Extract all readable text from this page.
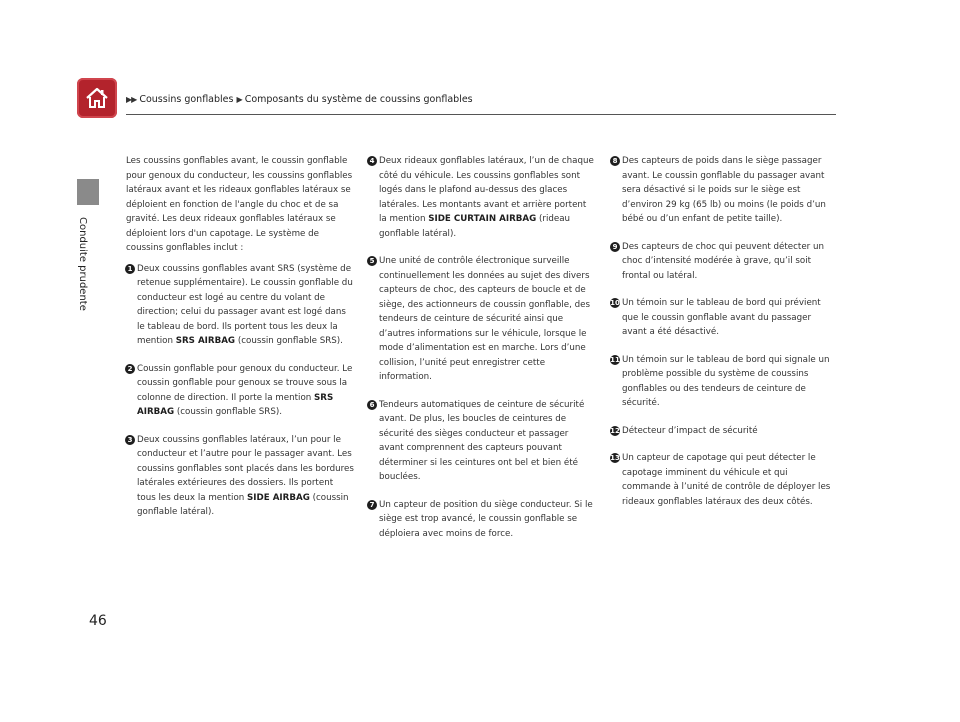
▶▶ Coussins gonflables ▶ Composants du système de coussins gonflables
Conduite prudente
46

Les coussins gonflables avant, le coussin gonflable pour genoux du conducteur, les coussins gonflables latéraux avant et les rideaux gonflables latéraux se déploient en fonction de l'angle du choc et de sa gravité. Les deux rideaux gonflables latéraux se déploient lors d'un capotage. Le système de coussins gonflables inclut :

1 Deux coussins gonflables avant SRS (système de retenue supplémentaire). Le coussin gonflable du conducteur est logé au centre du volant de direction; celui du passager avant est logé dans le tableau de bord. Ils portent tous les deux la mention SRS AIRBAG (coussin gonflable SRS).
2 Coussin gonflable pour genoux du conducteur. Le coussin gonflable pour genoux se trouve sous la colonne de direction. Il porte la mention SRS AIRBAG (coussin gonflable SRS).
3 Deux coussins gonflables latéraux, l’un pour le conducteur et l’autre pour le passager avant. Les coussins gonflables sont placés dans les bordures latérales extérieures des dossiers. Ils portent tous les deux la mention SIDE AIRBAG (coussin gonflable latéral).
4 Deux rideaux gonflables latéraux, l’un de chaque côté du véhicule. Les coussins gonflables sont logés dans le plafond au-dessus des glaces latérales. Les montants avant et arrière portent la mention SIDE CURTAIN AIRBAG (rideau gonflable latéral).
5 Une unité de contrôle électronique surveille continuellement les données au sujet des divers capteurs de choc, des capteurs de boucle et de siège, des actionneurs de coussin gonflable, des tendeurs de ceinture de sécurité ainsi que d’autres informations sur le véhicule, lorsque le mode d’alimentation est en marche. Lors d’une collision, l’unité peut enregistrer cette information.
6 Tendeurs automatiques de ceinture de sécurité avant. De plus, les boucles de ceintures de sécurité des sièges conducteur et passager avant comprennent des capteurs pouvant déterminer si les ceintures ont bel et bien été bouclées.
7 Un capteur de position du siège conducteur. Si le siège est trop avancé, le coussin gonflable se déploiera avec moins de force.
8 Des capteurs de poids dans le siège passager avant. Le coussin gonflable du passager avant sera désactivé si le poids sur le siège est d’environ 29 kg (65 lb) ou moins (le poids d’un bébé ou d’un enfant de petite taille).
9 Des capteurs de choc qui peuvent détecter un choc d’intensité modérée à grave, qu’il soit frontal ou latéral.
10 Un témoin sur le tableau de bord qui prévient que le coussin gonflable avant du passager avant a été désactivé.
11 Un témoin sur le tableau de bord qui signale un problème possible du système de coussins gonflables ou des tendeurs de ceinture de sécurité.
12 Détecteur d’impact de sécurité
13 Un capteur de capotage qui peut détecter le capotage imminent du véhicule et qui commande à l’unité de contrôle de déployer les rideaux gonflables latéraux des deux côtés.
